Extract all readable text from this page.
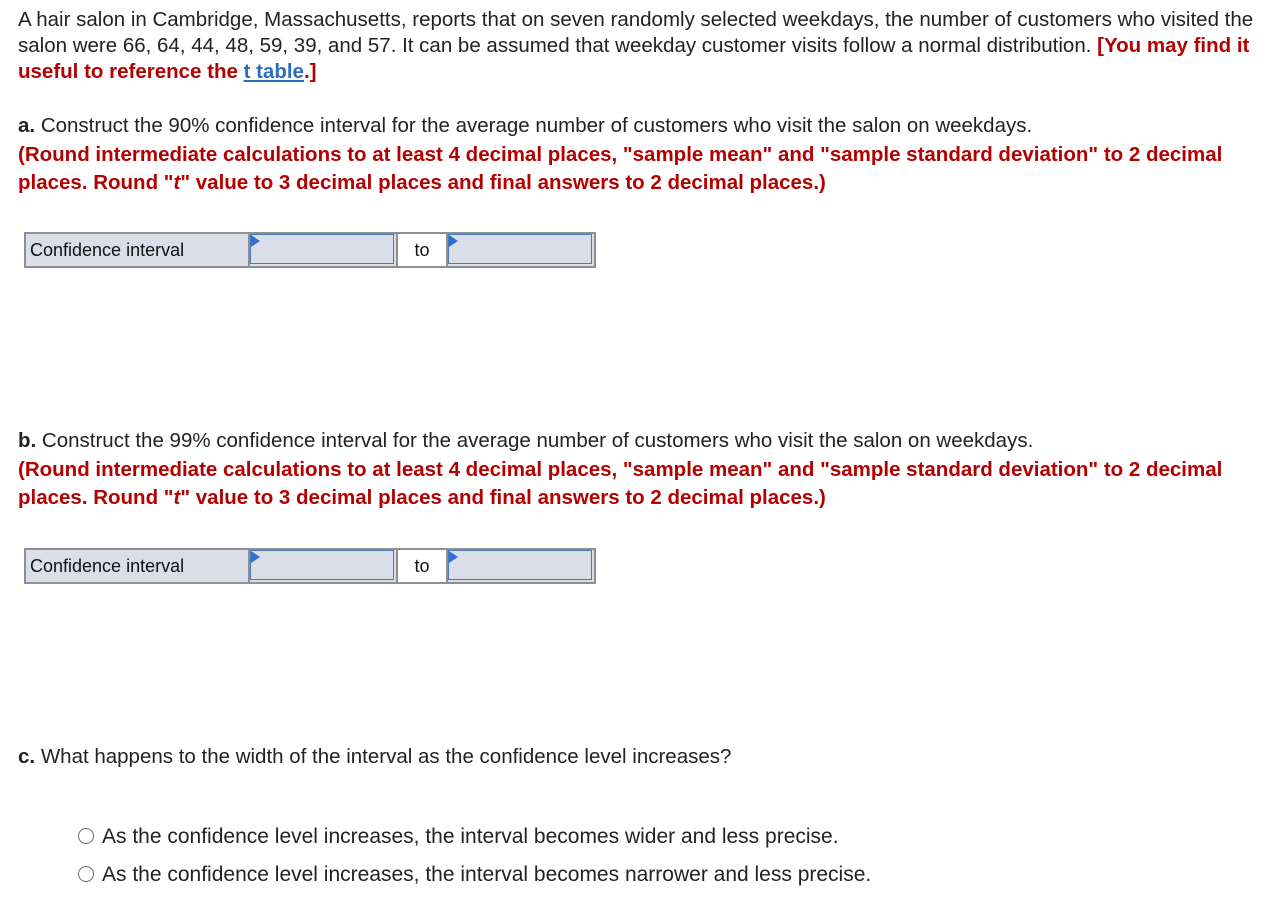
A hair salon in Cambridge, Massachusetts, reports that on seven randomly selected weekdays, the number of customers who visited the salon were 66, 64, 44, 48, 59, 39, and 57. It can be assumed that weekday customer visits follow a normal distribution. [You may find it useful to reference the t table.]

a. Construct the 90% confidence interval for the average number of customers who visit the salon on weekdays.

(Round intermediate calculations to at least 4 decimal places, "sample mean" and "sample standard deviation" to 2 decimal places. Round "t" value to 3 decimal places and final answers to 2 decimal places.)

Confidence interval	to

b. Construct the 99% confidence interval for the average number of customers who visit the salon on weekdays.

(Round intermediate calculations to at least 4 decimal places, "sample mean" and "sample standard deviation" to 2 decimal places. Round "t" value to 3 decimal places and final answers to 2 decimal places.)

Confidence interval	to

c. What happens to the width of the interval as the confidence level increases?

As the confidence level increases, the interval becomes wider and less precise.
As the confidence level increases, the interval becomes narrower and less precise.
